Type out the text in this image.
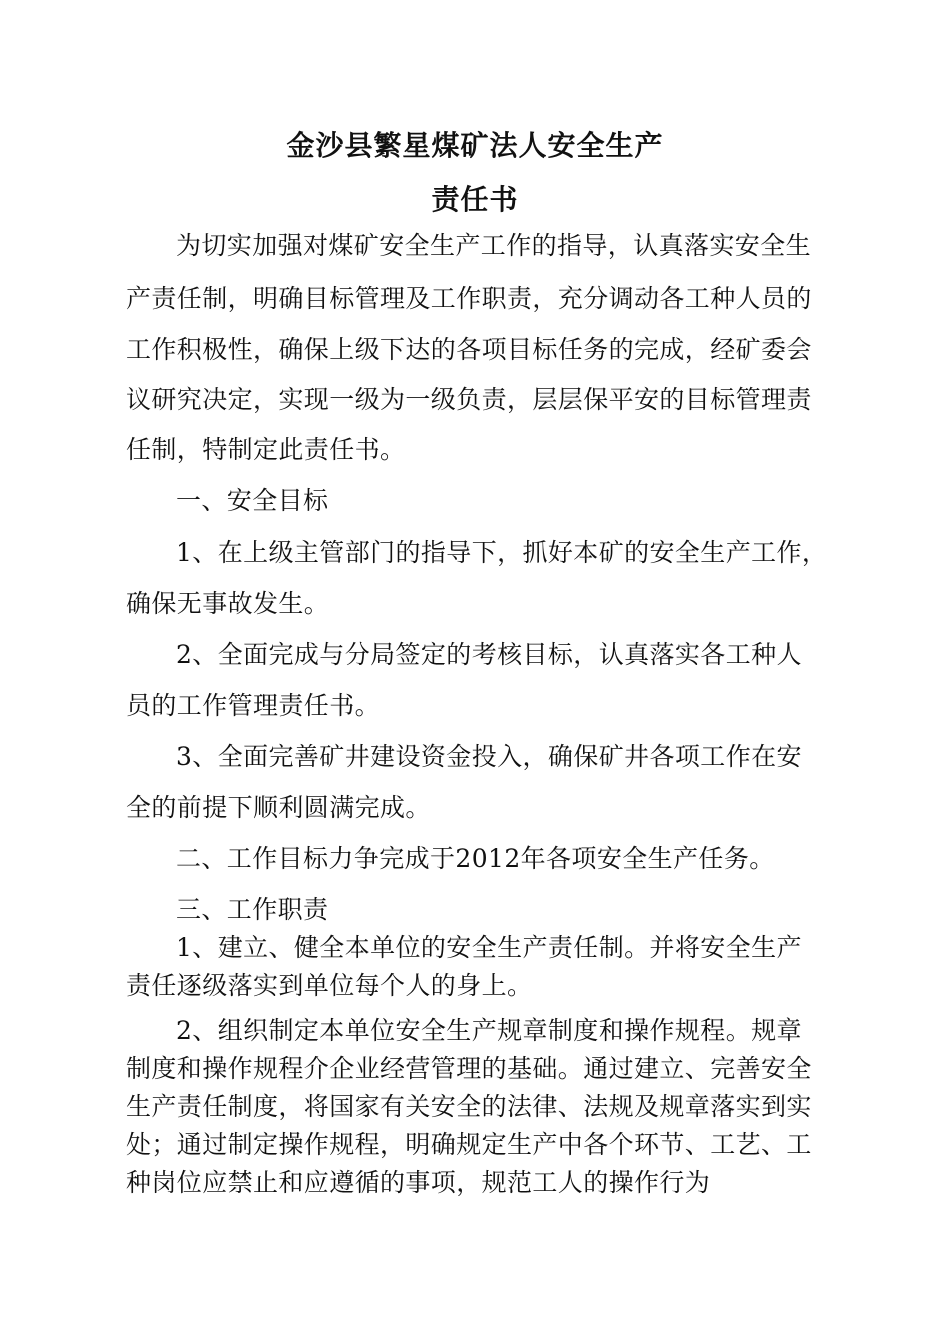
金沙县繁星煤矿法人安全生产
责任书
为切实加强对煤矿安全生产工作的指导，认真落实安全生
产责任制，明确目标管理及工作职责，充分调动各工种人员的
工作积极性，确保上级下达的各项目标任务的完成，经矿委会
议研究决定，实现一级为一级负责，层层保平安的目标管理责
任制，特制定此责任书。
一、安全目标
1、在上级主管部门的指导下，抓好本矿的安全生产工作，
确保无事故发生。
2、全面完成与分局签定的考核目标，认真落实各工种人
员的工作管理责任书。
3、全面完善矿井建设资金投入，确保矿井各项工作在安
全的前提下顺利圆满完成。
二、工作目标力争完成于2012年各项安全生产任务。
三、工作职责
1、建立、健全本单位的安全生产责任制。并将安全生产
责任逐级落实到单位每个人的身上。
2、组织制定本单位安全生产规章制度和操作规程。规章
制度和操作规程介企业经营管理的基础。通过建立、完善安全
生产责任制度，将国家有关安全的法律、法规及规章落实到实
处；通过制定操作规程，明确规定生产中各个环节、工艺、工
种岗位应禁止和应遵循的事项，规范工人的操作行为
